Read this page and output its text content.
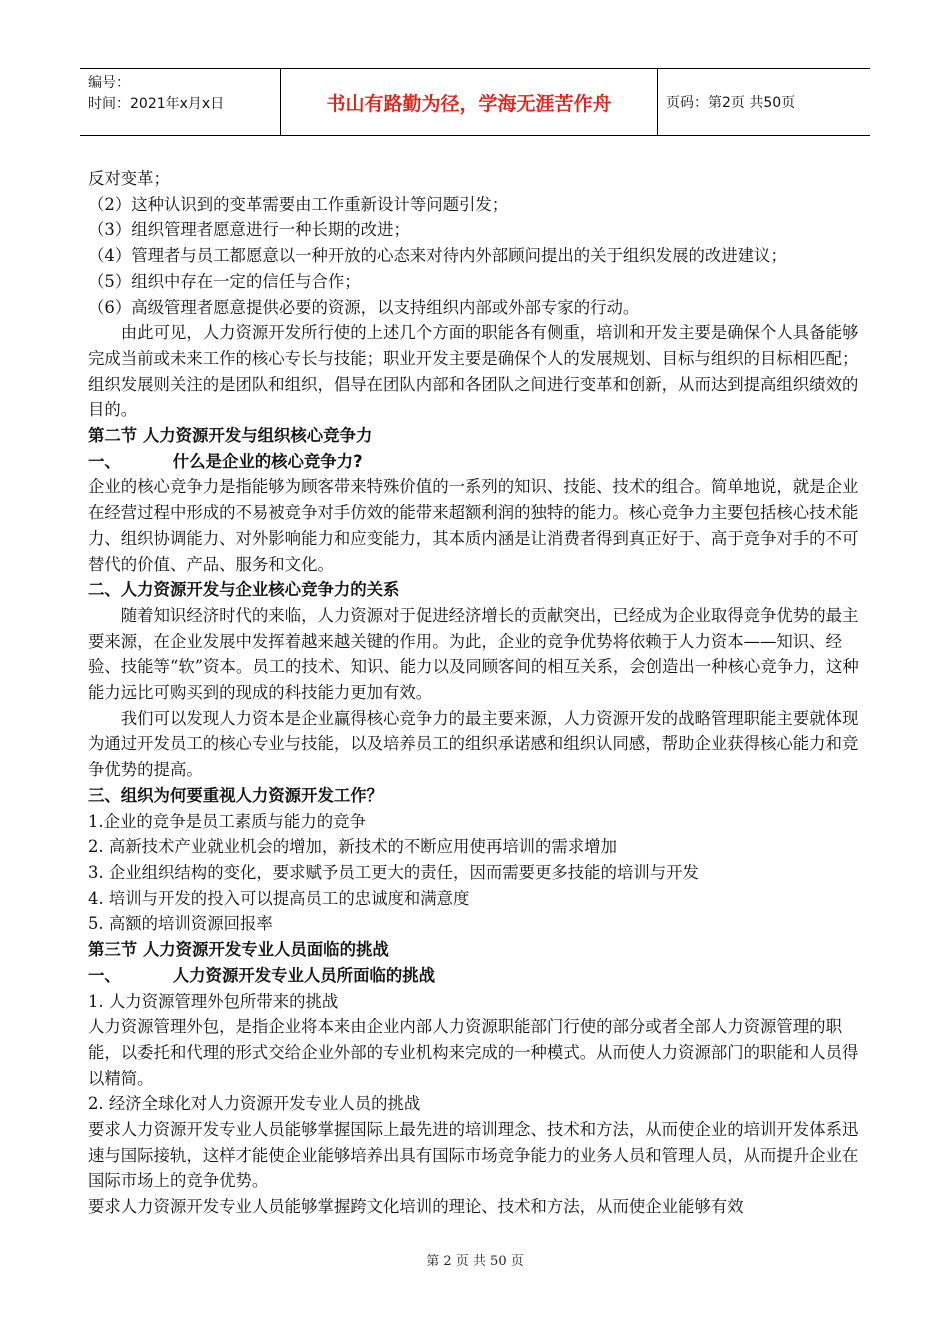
编号：
时间：2021年x月x日	书山有路勤为径，学海无涯苦作舟	页码：第2页 共50页

反对变革；

（2）这种认识到的变革需要由工作重新设计等问题引发；

（3）组织管理者愿意进行一种长期的改进；

（4）管理者与员工都愿意以一种开放的心态来对待内外部顾问提出的关于组织发展的改进建议；

（5）组织中存在一定的信任与合作；

（6）高级管理者愿意提供必要的资源，以支持组织内部或外部专家的行动。

由此可见，人力资源开发所行使的上述几个方面的职能各有侧重，培训和开发主要是确保个人具备能够完成当前或未来工作的核心专长与技能；职业开发主要是确保个人的发展规划、目标与组织的目标相匹配；组织发展则关注的是团队和组织，倡导在团队内部和各团队之间进行变革和创新，从而达到提高组织绩效的目的。

第二节 人力资源开发与组织核心竞争力

一、	什么是企业的核心竞争力?

企业的核心竞争力是指能够为顾客带来特殊价值的一系列的知识、技能、技术的组合。简单地说，就是企业在经营过程中形成的不易被竞争对手仿效的能带来超额利润的独特的能力。核心竞争力主要包括核心技术能力、组织协调能力、对外影响能力和应变能力，其本质内涵是让消费者得到真正好于、高于竞争对手的不可替代的价值、产品、服务和文化。

二、人力资源开发与企业核心竞争力的关系

随着知识经济时代的来临，人力资源对于促进经济增长的贡献突出，已经成为企业取得竞争优势的最主要来源，在企业发展中发挥着越来越关键的作用。为此，企业的竞争优势将依赖于人力资本——知识、经验、技能等“软”资本。员工的技术、知识、能力以及同顾客间的相互关系，会创造出一种核心竞争力，这种能力远比可购买到的现成的科技能力更加有效。

我们可以发现人力资本是企业赢得核心竞争力的最主要来源，人力资源开发的战略管理职能主要就体现为通过开发员工的核心专业与技能，以及培养员工的组织承诺感和组织认同感，帮助企业获得核心能力和竞争优势的提高。

三、组织为何要重视人力资源开发工作？

1.企业的竞争是员工素质与能力的竞争

2. 高新技术产业就业机会的增加，新技术的不断应用使再培训的需求增加

3. 企业组织结构的变化，要求赋予员工更大的责任，因而需要更多技能的培训与开发

4. 培训与开发的投入可以提高员工的忠诚度和满意度

5. 高额的培训资源回报率

第三节 人力资源开发专业人员面临的挑战

一、	人力资源开发专业人员所面临的挑战

1. 人力资源管理外包所带来的挑战

人力资源管理外包，是指企业将本来由企业内部人力资源职能部门行使的部分或者全部人力资源管理的职能，以委托和代理的形式交给企业外部的专业机构来完成的一种模式。从而使人力资源部门的职能和人员得以精简。

2. 经济全球化对人力资源开发专业人员的挑战

要求人力资源开发专业人员能够掌握国际上最先进的培训理念、技术和方法，从而使企业的培训开发体系迅速与国际接轨，这样才能使企业能够培养出具有国际市场竞争能力的业务人员和管理人员，从而提升企业在国际市场上的竞争优势。

要求人力资源开发专业人员能够掌握跨文化培训的理论、技术和方法，从而使企业能够有效

第 2 页 共 50 页
